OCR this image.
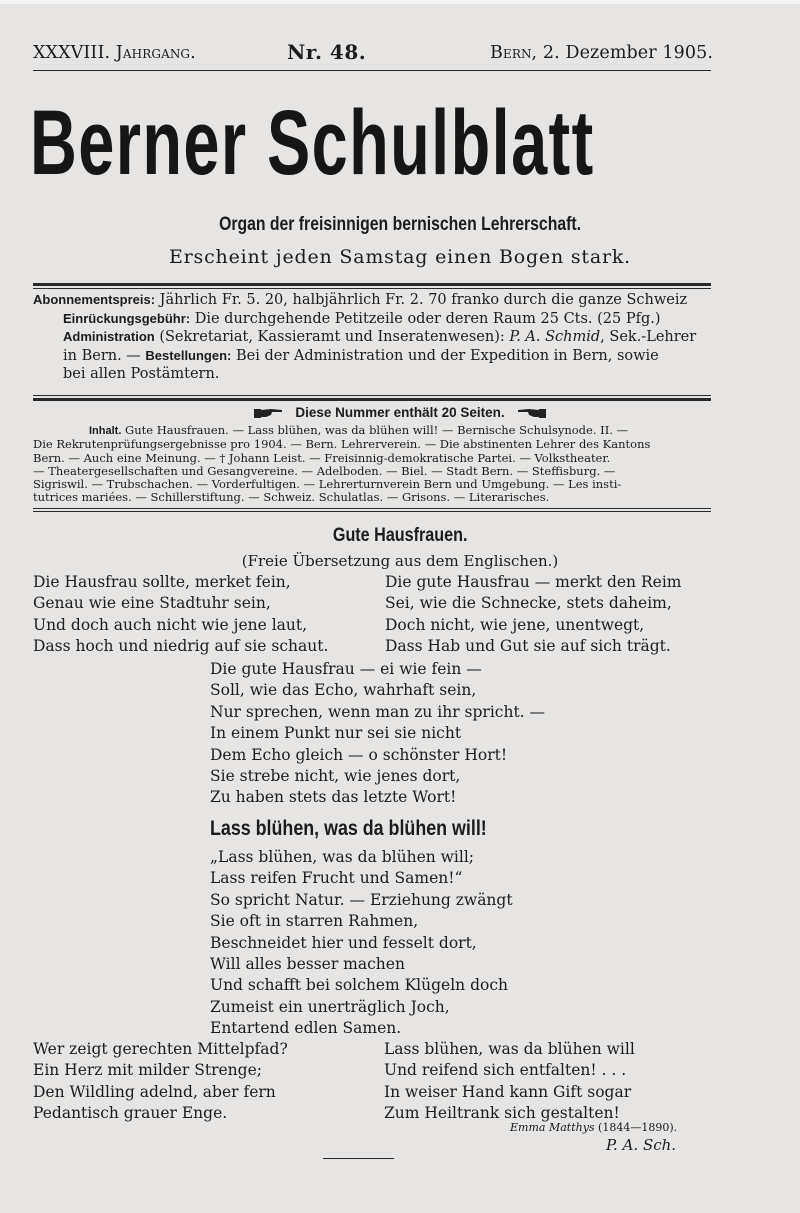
XXXVIII. Jahrgang.	Nr. 48.	Bern, 2. Dezember 1905.
Berner Schulblatt
Organ der freisinnigen bernischen Lehrerschaft.
Erscheint jeden Samstag einen Bogen stark.
Abonnementspreis: Jährlich Fr. 5. 20, halbjährlich Fr. 2. 70 franko durch die ganze Schweiz
Einrückungsgebühr: Die durchgehende Petitzeile oder deren Raum 25 Cts. (25 Pfg.)
Administration (Sekretariat, Kassieramt und Inseratenwesen): P. A. Schmid, Sek.-Lehrer
in Bern. — Bestellungen: Bei der Administration und der Expedition in Bern, sowie
bei allen Postämtern.
Diese Nummer enthält 20 Seiten.
Inhalt. Gute Hausfrauen. — Lass blühen, was da blühen will! — Bernische Schulsynode. II. —
Die Rekrutenprüfungsergebnisse pro 1904. — Bern. Lehrerverein. — Die abstinenten Lehrer des Kantons
Bern. — Auch eine Meinung. — † Johann Leist. — Freisinnig-demokratische Partei. — Volkstheater.
— Theatergesellschaften und Gesangvereine. — Adelboden. — Biel. — Stadt Bern. — Steffisburg. —
Sigriswil. — Trubschachen. — Vorderfultigen. — Lehrerturnverein Bern und Umgebung. — Les insti-
tutrices mariées. — Schillerstiftung. — Schweiz. Schulatlas. — Grisons. — Literarisches.
Gute Hausfrauen.
(Freie Übersetzung aus dem Englischen.)
Die Hausfrau sollte, merket fein,
Genau wie eine Stadtuhr sein,
Und doch auch nicht wie jene laut,
Dass hoch und niedrig auf sie schaut.
Die gute Hausfrau — merkt den Reim
Sei, wie die Schnecke, stets daheim,
Doch nicht, wie jene, unentwegt,
Dass Hab und Gut sie auf sich trägt.
Die gute Hausfrau — ei wie fein —
Soll, wie das Echo, wahrhaft sein,
Nur sprechen, wenn man zu ihr spricht. —
In einem Punkt nur sei sie nicht
Dem Echo gleich — o schönster Hort!
Sie strebe nicht, wie jenes dort,
Zu haben stets das letzte Wort!
Lass blühen, was da blühen will!
„Lass blühen, was da blühen will;
Lass reifen Frucht und Samen!“
So spricht Natur. — Erziehung zwängt
Sie oft in starren Rahmen,
Beschneidet hier und fesselt dort,
Will alles besser machen
Und schafft bei solchem Klügeln doch
Zumeist ein unerträglich Joch,
Entartend edlen Samen.
Wer zeigt gerechten Mittelpfad?
Ein Herz mit milder Strenge;
Den Wildling adelnd, aber fern
Pedantisch grauer Enge.
Lass blühen, was da blühen will
Und reifend sich entfalten! . . .
In weiser Hand kann Gift sogar
Zum Heiltrank sich gestalten!
Emma Matthys (1844—1890).
P. A. Sch.
